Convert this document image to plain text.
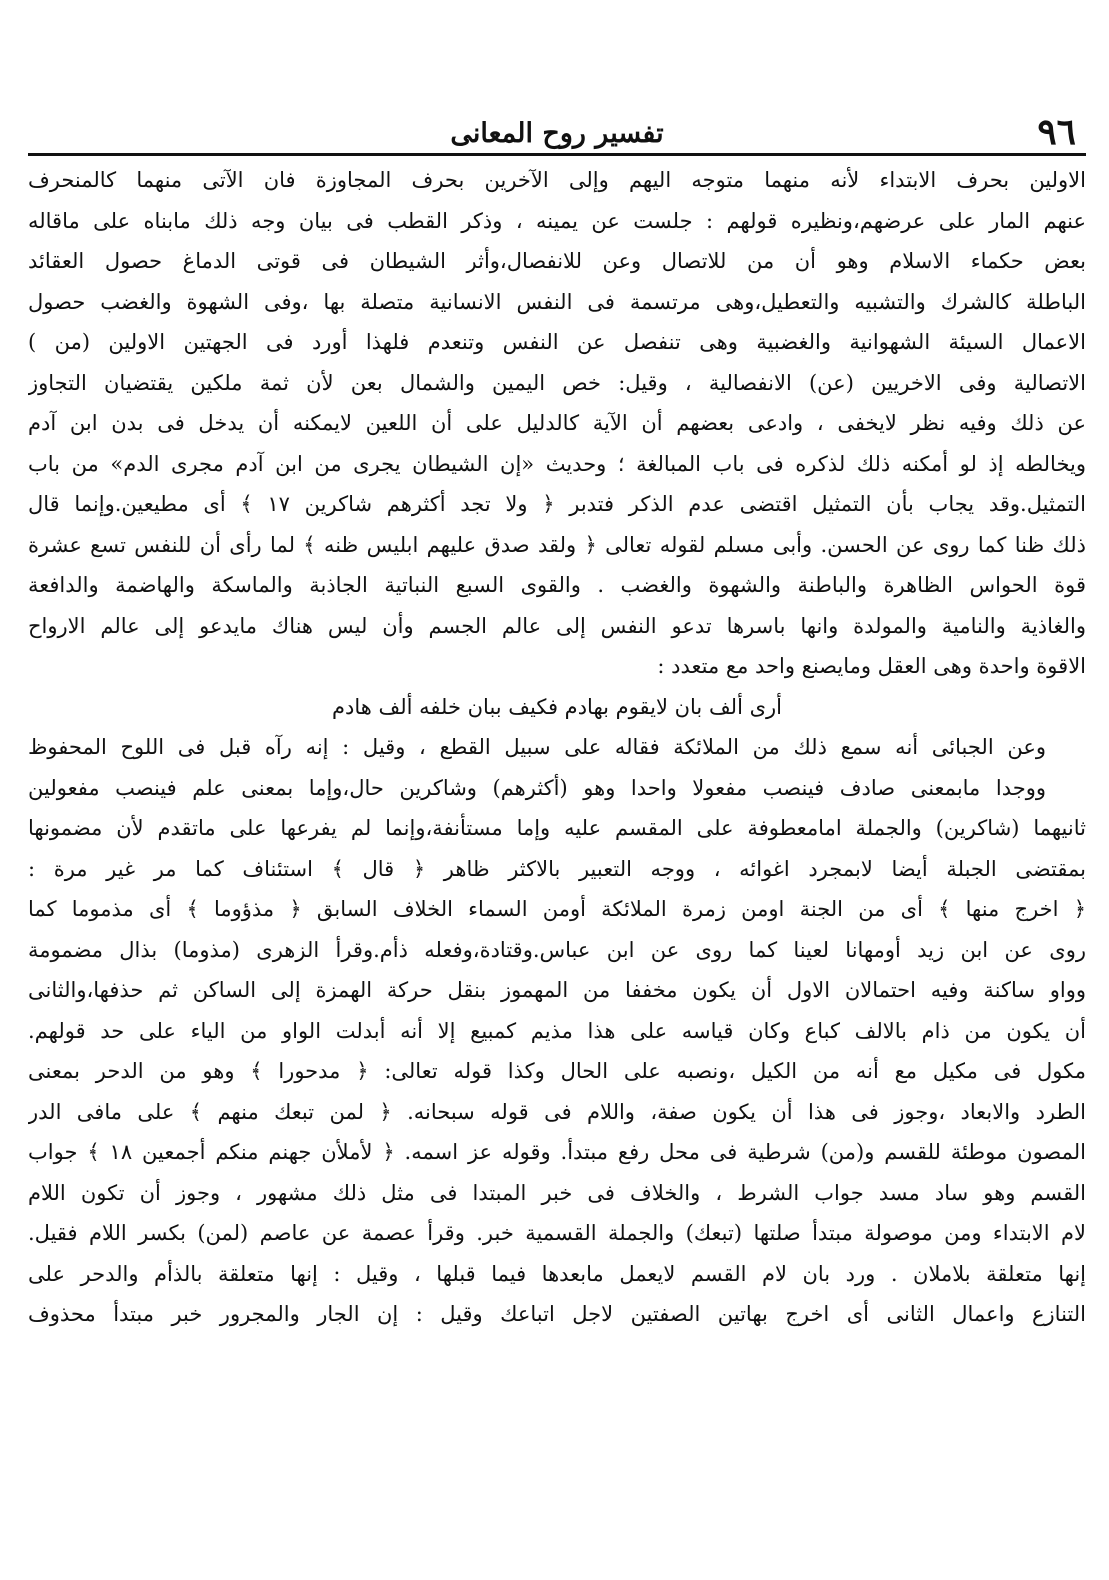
٩٦
تفسير روح المعانى
الاولين بحرف الابتداء لأنه منهما متوجه اليهم وإلى الآخرين بحرف المجاوزة فان الآتى منهما كالمنحرف
عنهم المار على عرضهم،ونظيره قولهم : جلست عن يمينه ، وذكر القطب فى بيان وجه ذلك مابناه على ماقاله
بعض حكماء الاسلام وهو أن من للاتصال وعن للانفصال،وأثر الشيطان فى قوتى الدماغ حصول العقائد
الباطلة كالشرك والتشبيه والتعطيل،وهى مرتسمة فى النفس الانسانية متصلة بها ،وفى الشهوة والغضب حصول
الاعمال السيئة الشهوانية والغضبية وهى تنفصل عن النفس وتنعدم فلهذا أورد فى الجهتين الاولين (من )
الاتصالية وفى الاخريين (عن) الانفصالية ، وقيل: خص اليمين والشمال بعن لأن ثمة ملكين يقتضيان التجاوز
عن ذلك وفيه نظر لايخفى ، وادعى بعضهم أن الآية كالدليل على أن اللعين لايمكنه أن يدخل فى بدن ابن آدم
ويخالطه إذ لو أمكنه ذلك لذكره فى باب المبالغة ؛ وحديث «إن الشيطان يجرى من ابن آدم مجرى الدم» من باب
التمثيل.وقد يجاب بأن التمثيل اقتضى عدم الذكر فتدبر ﴿ ولا تجد أكثرهم شاكرين ١٧ ﴾ أى مطيعين.وإنما قال
ذلك ظنا كما روى عن الحسن. وأبى مسلم لقوله تعالى ﴿ ولقد صدق عليهم ابليس ظنه ﴾ لما رأى أن للنفس تسع عشرة
قوة الحواس الظاهرة والباطنة والشهوة والغضب . والقوى السبع النباتية الجاذبة والماسكة والهاضمة والدافعة
والغاذية والنامية والمولدة وانها باسرها تدعو النفس إلى عالم الجسم وأن ليس هناك مايدعو إلى عالم الارواح
الاقوة واحدة وهى العقل ومايصنع واحد مع متعدد :
أرى ألف بان لايقوم بهادم فكيف ببان خلفه ألف هادم
وعن الجبائى أنه سمع ذلك من الملائكة فقاله على سبيل القطع ، وقيل : إنه رآه قبل فى اللوح المحفوظ
ووجدا مابمعنى صادف فينصب مفعولا واحدا وهو (أكثرهم) وشاكرين حال،وإما بمعنى علم فينصب مفعولين
ثانيهما (شاكرين) والجملة امامعطوفة على المقسم عليه وإما مستأنفة،وإنما لم يفرعها على ماتقدم لأن مضمونها
بمقتضى الجبلة أيضا لابمجرد اغوائه ، ووجه التعبير بالاكثر ظاهر ﴿ قال ﴾ استئناف كما مر غير مرة :
﴿ اخرج منها ﴾ أى من الجنة اومن زمرة الملائكة أومن السماء الخلاف السابق ﴿ مذؤوما ﴾ أى مذموما كما
روى عن ابن زيد أومهانا لعينا كما روى عن ابن عباس.وقتادة،وفعله ذأم.وقرأ الزهرى (مذوما) بذال مضمومة
وواو ساكنة وفيه احتمالان الاول أن يكون مخففا من المهموز بنقل حركة الهمزة إلى الساكن ثم حذفها،والثانى
أن يكون من ذام بالالف كباع وكان قياسه على هذا مذيم كمبيع إلا أنه أبدلت الواو من الياء على حد قولهم.
مكول فى مكيل مع أنه من الكيل ،ونصبه على الحال وكذا قوله تعالى: ﴿ مدحورا ﴾ وهو من الدحر بمعنى
الطرد والابعاد ،وجوز فى هذا أن يكون صفة، واللام فى قوله سبحانه. ﴿ لمن تبعك منهم ﴾ على مافى الدر
المصون موطئة للقسم و(من) شرطية فى محل رفع مبتدأ. وقوله عز اسمه. ﴿ لأملأن جهنم منكم أجمعين ١٨ ﴾ جواب
القسم وهو ساد مسد جواب الشرط ، والخلاف فى خبر المبتدا فى مثل ذلك مشهور ، وجوز أن تكون اللام
لام الابتداء ومن موصولة مبتدأ صلتها (تبعك) والجملة القسمية خبر. وقرأ عصمة عن عاصم (لمن) بكسر اللام فقيل.
إنها متعلقة بلاملان . ورد بان لام القسم لايعمل مابعدها فيما قبلها ، وقيل : إنها متعلقة بالذأم والدحر على
التنازع واعمال الثانى أى اخرج بهاتين الصفتين لاجل اتباعك وقيل : إن الجار والمجرور خبر مبتدأ محذوف
